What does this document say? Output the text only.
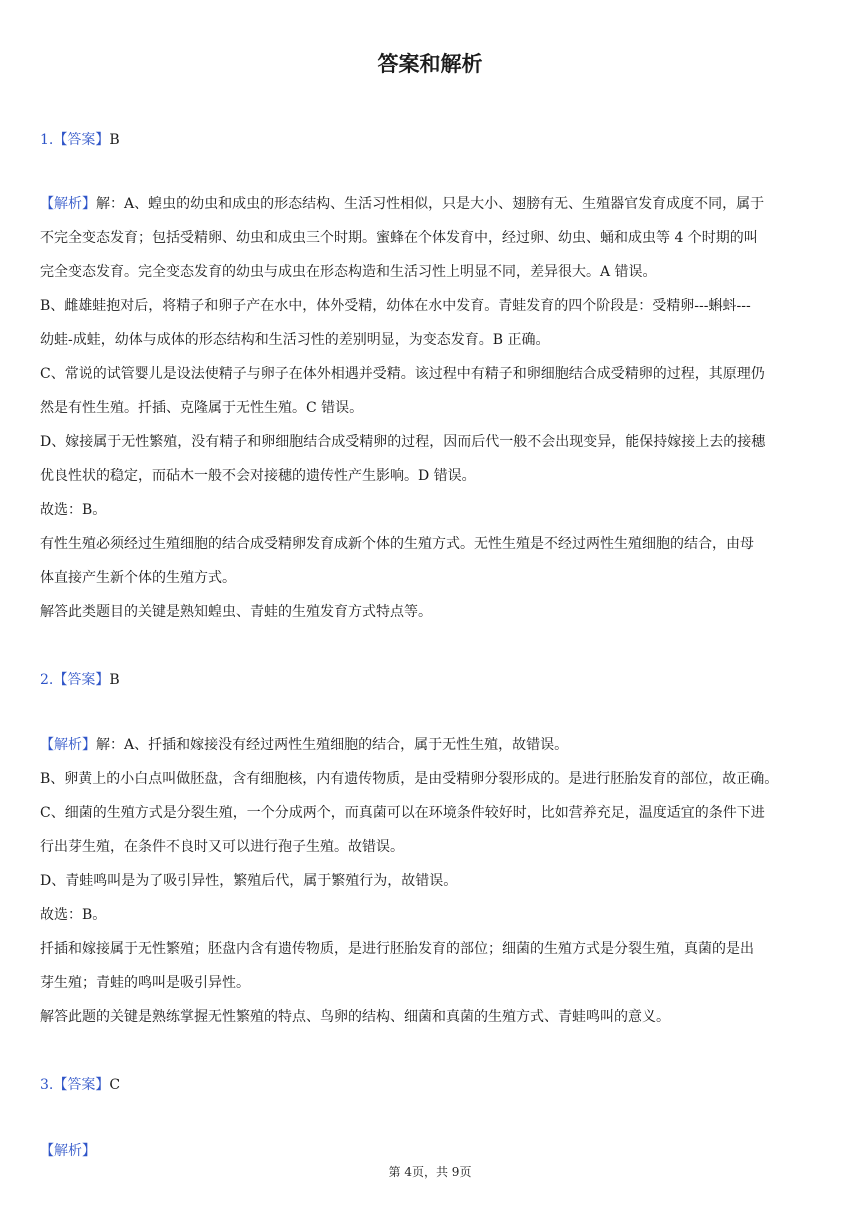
答案和解析
1.【答案】B

【解析】解：A、蝗虫的幼虫和成虫的形态结构、生活习性相似，只是大小、翅膀有无、生殖器官发育成度不同，属于

不完全变态发育；包括受精卵、幼虫和成虫三个时期。蜜蜂在个体发育中，经过卵、幼虫、蛹和成虫等 4 个时期的叫

完全变态发育。完全变态发育的幼虫与成虫在形态构造和生活习性上明显不同，差异很大。A 错误。

B、雌雄蛙抱对后，将精子和卵子产在水中，体外受精，幼体在水中发育。青蛙发育的四个阶段是：受精卵---蝌蚪---

幼蛙-成蛙，幼体与成体的形态结构和生活习性的差别明显，为变态发育。B 正确。

C、常说的试管婴儿是设法使精子与卵子在体外相遇并受精。该过程中有精子和卵细胞结合成受精卵的过程，其原理仍

然是有性生殖。扦插、克隆属于无性生殖。C 错误。

D、嫁接属于无性繁殖，没有精子和卵细胞结合成受精卵的过程，因而后代一般不会出现变异，能保持嫁接上去的接穗

优良性状的稳定，而砧木一般不会对接穗的遗传性产生影响。D 错误。

故选：B。

有性生殖必须经过生殖细胞的结合成受精卵发育成新个体的生殖方式。无性生殖是不经过两性生殖细胞的结合，由母

体直接产生新个体的生殖方式。

解答此类题目的关键是熟知蝗虫、青蛙的生殖发育方式特点等。

2.【答案】B

【解析】解：A、扦插和嫁接没有经过两性生殖细胞的结合，属于无性生殖，故错误。

B、卵黄上的小白点叫做胚盘，含有细胞核，内有遗传物质，是由受精卵分裂形成的。是进行胚胎发育的部位，故正确。

C、细菌的生殖方式是分裂生殖，一个分成两个，而真菌可以在环境条件较好时，比如营养充足，温度适宜的条件下进

行出芽生殖，在条件不良时又可以进行孢子生殖。故错误。

D、青蛙鸣叫是为了吸引异性，繁殖后代，属于繁殖行为，故错误。

故选：B。

扦插和嫁接属于无性繁殖；胚盘内含有遗传物质，是进行胚胎发育的部位；细菌的生殖方式是分裂生殖，真菌的是出

芽生殖；青蛙的鸣叫是吸引异性。

解答此题的关键是熟练掌握无性繁殖的特点、鸟卵的结构、细菌和真菌的生殖方式、青蛙鸣叫的意义。

3.【答案】C

【解析】

第 4页，共 9页
